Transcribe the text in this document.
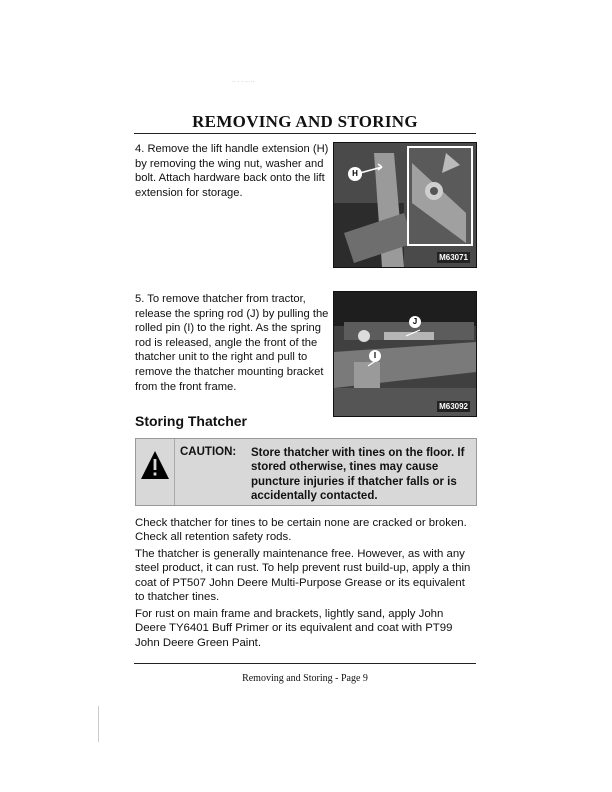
·· · · ·· ··
REMOVING AND STORING
4. Remove the lift handle extension (H) by removing the wing nut, washer and bolt. Attach hardware back onto the lift extension for storage.
H
M63071
5. To remove thatcher from tractor, release the spring rod (J) by pulling the rolled pin (I) to the right. As the spring rod is released, angle the front of the thatcher unit to the right and pull to remove the thatcher mounting bracket from the front frame.
J
I
M63092
Storing Thatcher
CAUTION: Store thatcher with tines on the floor. If stored otherwise, tines may cause puncture injuries if thatcher falls or is accidentally contacted.
Check thatcher for tines to be certain none are cracked or broken. Check all retention safety rods.
The thatcher is generally maintenance free. However, as with any steel product, it can rust. To help prevent rust build-up, apply a thin coat of PT507 John Deere Multi-Purpose Grease or its equivalent to thatcher tines.
For rust on main frame and brackets, lightly sand, apply John Deere TY6401 Buff Primer or its equivalent and coat with PT99 John Deere Green Paint.
Removing and Storing - Page 9
